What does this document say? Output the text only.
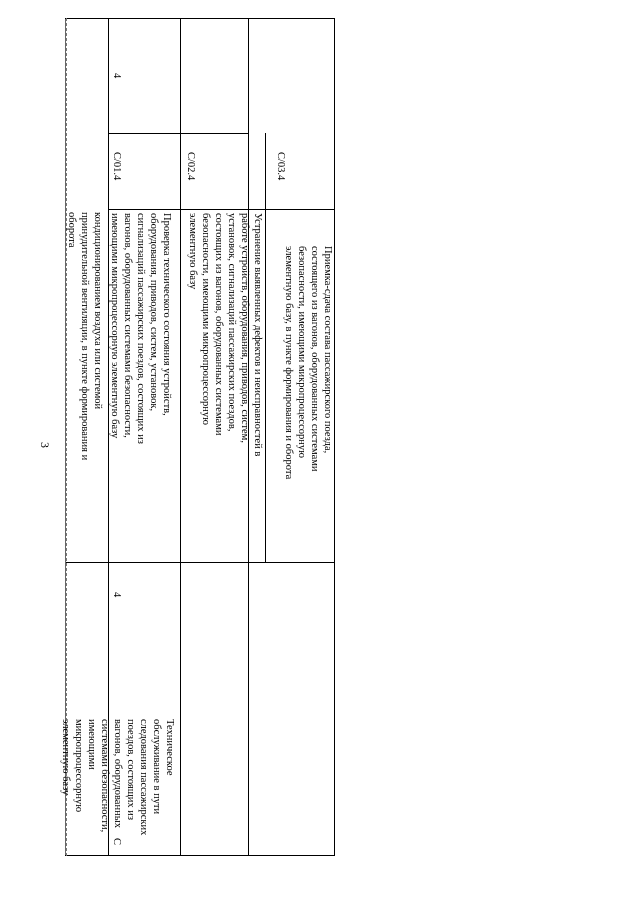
3
кондиционированием воздуха или системой
принудительной вентиляции, в пункте формирования и
оборота
4
С
Техническое
обслуживание в пути
следования пассажирских
поездов, состоящих из
вагонов, оборудованных
системами безопасности,
имеющими
микропроцессорную
элементную базу
4
Проверка технического состояния устройств,
оборудования, приводов, систем, установок,
сигнализаций пассажирских поездов, состоящих из
вагонов, оборудованных системами безопасности,
имеющими микропроцессорную элементную базу
С/01.4
Устранение выявленных дефектов и неисправностей в
работе устройств, оборудования, приводов, систем,
установок, сигнализаций пассажирских поездов,
состоящих из вагонов, оборудованных системами
безопасности, имеющими микропроцессорную
элементную базу
С/02.4
Приемка-сдача состава пассажирского поезда,
состоящего из вагонов, оборудованных системами
безопасности, имеющими микропроцессорную
элементную базу, в пункте формирования и оборота
С/03.4
